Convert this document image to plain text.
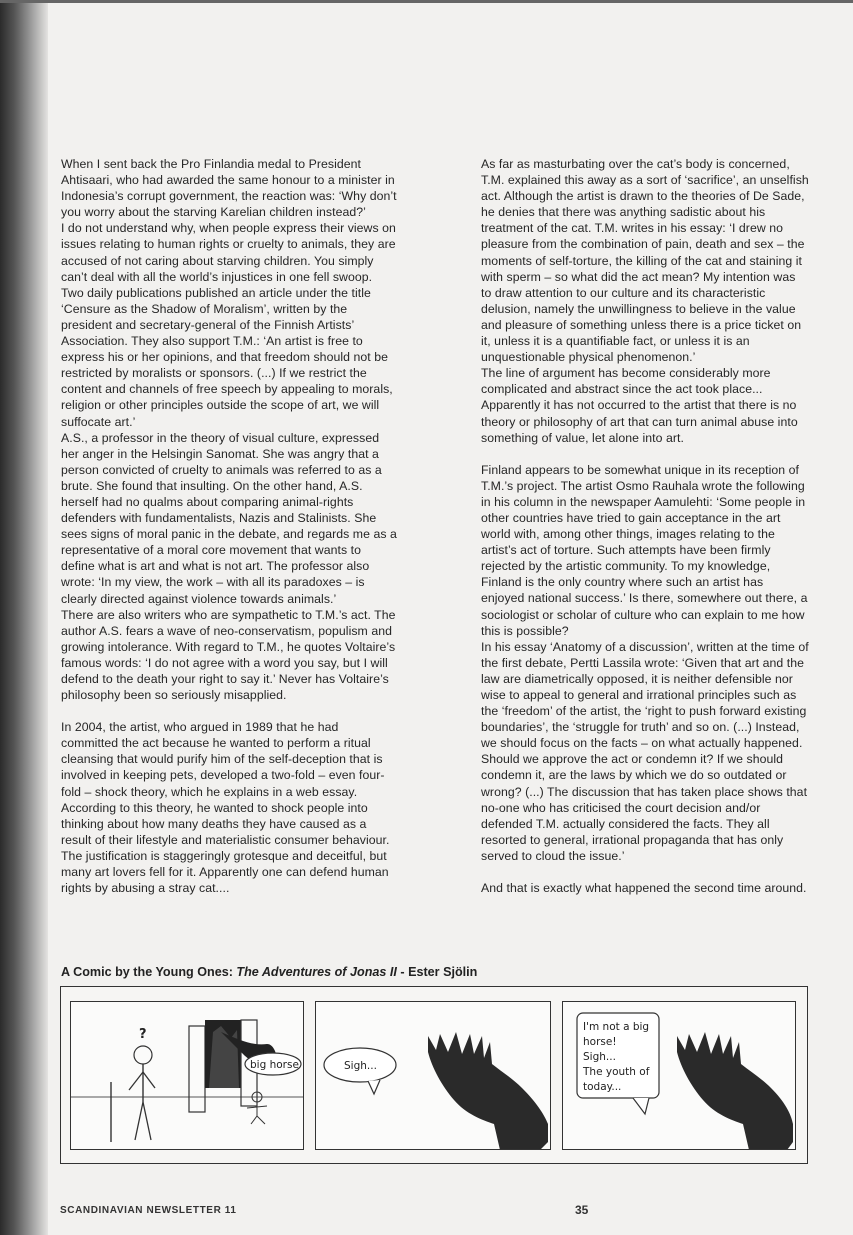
When I sent back the Pro Finlandia medal to President Ahtisaari, who had awarded the same honour to a minister in Indonesia’s corrupt government, the reaction was: ‘Why don’t you worry about the starving Karelian children instead?’

I do not understand why, when people express their views on issues relating to human rights or cruelty to animals, they are accused of not caring about starving children. You simply can’t deal with all the world’s injustices in one fell swoop.

Two daily publications published an article under the title ‘Censure as the Shadow of Moralism’, written by the president and secretary-general of the Finnish Artists’ Association. They also support T.M.: ‘An artist is free to express his or her opinions, and that freedom should not be restricted by moralists or sponsors. (...) If we restrict the content and channels of free speech by appealing to morals, religion or other principles outside the scope of art, we will suffocate art.’

A.S., a professor in the theory of visual culture, expressed her anger in the Helsingin Sanomat. She was angry that a person convicted of cruelty to animals was referred to as a brute. She found that insulting. On the other hand, A.S. herself had no qualms about comparing animal-rights defenders with fundamentalists, Nazis and Stalinists. She sees signs of moral panic in the debate, and regards me as a representative of a moral core movement that wants to define what is art and what is not art. The professor also wrote: ‘In my view, the work – with all its paradoxes – is clearly directed against violence towards animals.’

There are also writers who are sympathetic to T.M.’s act. The author A.S. fears a wave of neo-conservatism, populism and growing intolerance. With regard to T.M., he quotes Voltaire’s famous words: ‘I do not agree with a word you say, but I will defend to the death your right to say it.’ Never has Voltaire’s philosophy been so seriously misapplied.

In 2004, the artist, who argued in 1989 that he had committed the act because he wanted to perform a ritual cleansing that would purify him of the self-deception that is involved in keeping pets, developed a two-fold – even four-fold – shock theory, which he explains in a web essay. According to this theory, he wanted to shock people into thinking about how many deaths they have caused as a result of their lifestyle and materialistic consumer behaviour. The justification is staggeringly grotesque and deceitful, but many art lovers fell for it. Apparently one can defend human rights by abusing a stray cat....

As far as masturbating over the cat’s body is concerned, T.M. explained this away as a sort of ‘sacrifice’, an unselfish act. Although the artist is drawn to the theories of De Sade, he denies that there was anything sadistic about his treatment of the cat. T.M. writes in his essay: ‘I drew no pleasure from the combination of pain, death and sex – the moments of self-torture, the killing of the cat and staining it with sperm – so what did the act mean? My intention was to draw attention to our culture and its characteristic delusion, namely the unwillingness to believe in the value and pleasure of something unless there is a price ticket on it, unless it is a quantifiable fact, or unless it is an unquestionable physical phenomenon.’

The line of argument has become considerably more complicated and abstract since the act took place... Apparently it has not occurred to the artist that there is no theory or philosophy of art that can turn animal abuse into something of value, let alone into art.

Finland appears to be somewhat unique in its reception of T.M.’s project. The artist Osmo Rauhala wrote the following in his column in the newspaper Aamulehti: ‘Some people in other countries have tried to gain acceptance in the art world with, among other things, images relating to the artist’s act of torture. Such attempts have been firmly rejected by the artistic community. To my knowledge, Finland is the only country where such an artist has enjoyed national success.’ Is there, somewhere out there, a sociologist or scholar of culture who can explain to me how this is possible?

In his essay ‘Anatomy of a discussion’, written at the time of the first debate, Pertti Lassila wrote: ‘Given that art and the law are diametrically opposed, it is neither defensible nor wise to appeal to general and irrational principles such as the ‘freedom’ of the artist, the ‘right to push forward existing boundaries’, the ‘struggle for truth’ and so on. (...) Instead, we should focus on the facts – on what actually happened. Should we approve the act or condemn it? If we should condemn it, are the laws by which we do so outdated or wrong? (...) The discussion that has taken place shows that no-one who has criticised the court decision and/or defended T.M. actually considered the facts. They all resorted to general, irrational propaganda that has only served to cloud the issue.’

And that is exactly what happened the second time around.

A Comic by the Young Ones: The Adventures of Jonas II - Ester Sjölin
?
big horse	Sigh...
I'm not a big
horse!
Sigh...
The youth of
today...
SCANDINAVIAN NEWSLETTER 11	35
